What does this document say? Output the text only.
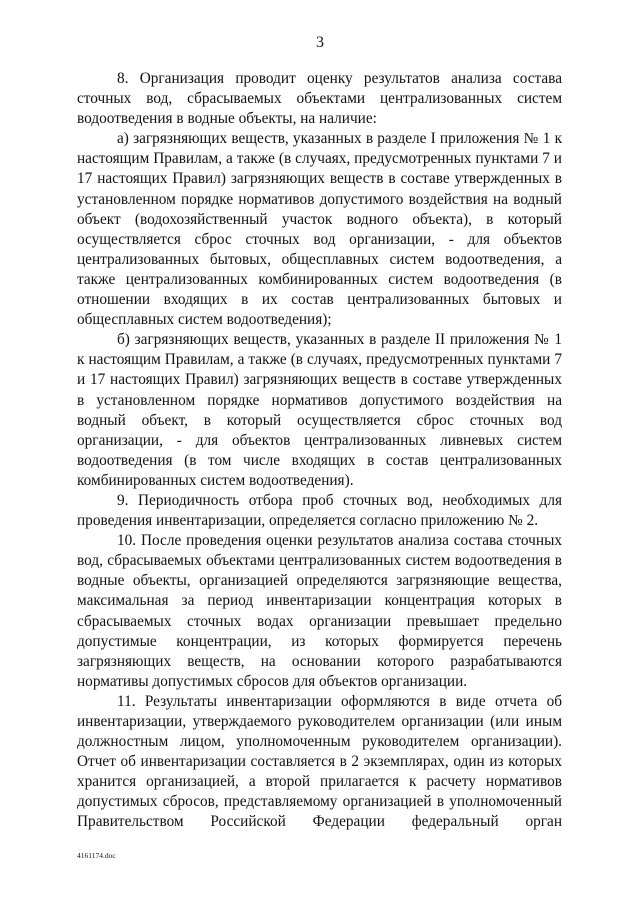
3

8. Организация проводит оценку результатов анализа состава сточных вод, сбрасываемых объектами централизованных систем водоотведения в водные объекты, на наличие:

а) загрязняющих веществ, указанных в разделе I приложения № 1 к настоящим Правилам, а также (в случаях, предусмотренных пунктами 7 и 17 настоящих Правил) загрязняющих веществ в составе утвержденных в установленном порядке нормативов допустимого воздействия на водный объект (водохозяйственный участок водного объекта), в который осуществляется сброс сточных вод организации, - для объектов централизованных бытовых, общесплавных систем водоотведения, а также централизованных комбинированных систем водоотведения (в отношении входящих в их состав централизованных бытовых и общесплавных систем водоотведения);

б) загрязняющих веществ, указанных в разделе II приложения № 1 к настоящим Правилам, а также (в случаях, предусмотренных пунктами 7 и 17 настоящих Правил) загрязняющих веществ в составе утвержденных в установленном порядке нормативов допустимого воздействия на водный объект, в который осуществляется сброс сточных вод организации, - для объектов централизованных ливневых систем водоотведения (в том числе входящих в состав централизованных комбинированных систем водоотведения).

9. Периодичность отбора проб сточных вод, необходимых для проведения инвентаризации, определяется согласно приложению № 2.

10. После проведения оценки результатов анализа состава сточных вод, сбрасываемых объектами централизованных систем водоотведения в водные объекты, организацией определяются загрязняющие вещества, максимальная за период инвентаризации концентрация которых в сбрасываемых сточных водах организации превышает предельно допустимые концентрации, из которых формируется перечень загрязняющих веществ, на основании которого разрабатываются нормативы допустимых сбросов для объектов организации.

11. Результаты инвентаризации оформляются в виде отчета об инвентаризации, утверждаемого руководителем организации (или иным должностным лицом, уполномоченным руководителем организации). Отчет об инвентаризации составляется в 2 экземплярах, один из которых хранится организацией, а второй прилагается к расчету нормативов допустимых сбросов, представляемому организацией в уполномоченный Правительством Российской Федерации федеральный орган

4161174.doc
